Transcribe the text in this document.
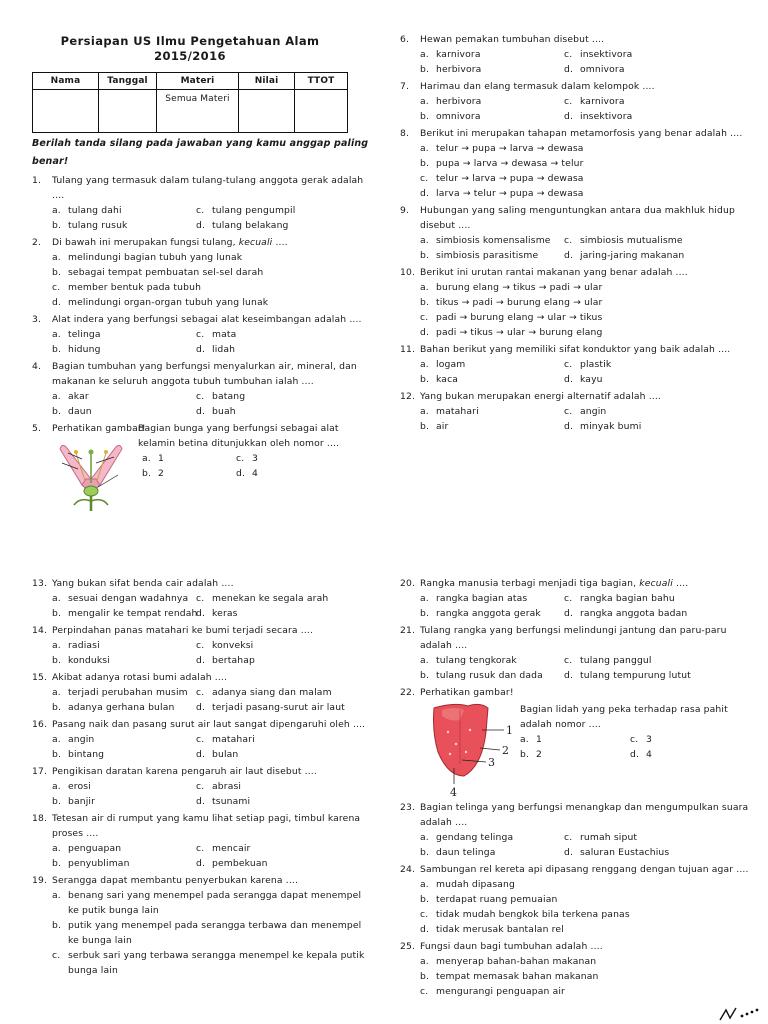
Persiapan US Ilmu Pengetahuan Alam 2015/2016
Nama	Tanggal	Materi	Nilai	TTOT
		Semua Materi		
Berilah tanda silang pada jawaban yang kamu anggap paling benar!
1.	Tulang yang termasuk dalam tulang-tulang anggota gerak adalah ....
a. tulang dahi	c. tulang pengumpil
b. tulang rusuk	d. tulang belakang
2.	Di bawah ini merupakan fungsi tulang, kecuali ....
a. melindungi bagian tubuh yang lunak
b. sebagai tempat pembuatan sel-sel darah
c. member bentuk pada tubuh
d. melindungi organ-organ tubuh yang lunak
3.	Alat indera yang berfungsi sebagai alat keseimbangan adalah ....
a. telinga	c. mata
b. hidung	d. lidah
4.	Bagian tumbuhan yang berfungsi menyalurkan air, mineral, dan makanan ke seluruh anggota tubuh tumbuhan ialah ....
a. akar	c. batang
b. daun	d. buah
5.	Perhatikan gambar!
Bagian bunga yang berfungsi sebagai alat kelamin betina ditunjukkan oleh nomor ....
a. 1	c. 3
b. 2	d. 4
6.	Hewan pemakan tumbuhan disebut ....
a. karnivora	c. insektivora
b. herbivora	d. omnivora
7.	Harimau dan elang termasuk dalam kelompok ....
a. herbivora	c. karnivora
b. omnivora	d. insektivora
8.	Berikut ini merupakan tahapan metamorfosis yang benar adalah ....
a. telur → pupa → larva → dewasa
b. pupa → larva → dewasa → telur
c. telur → larva → pupa → dewasa
d. larva → telur → pupa → dewasa
9.	Hubungan yang saling menguntungkan antara dua makhluk hidup disebut ....
a. simbiosis komensalisme c. simbiosis mutualisme
b. simbiosis parasitisme	d. jaring-jaring makanan
10. Berikut ini urutan rantai makanan yang benar adalah ....
a. burung elang → tikus → padi → ular
b. tikus → padi → burung elang → ular
c. padi → burung elang → ular → tikus
d. padi → tikus → ular → burung elang
11. Bahan berikut yang memiliki sifat konduktor yang baik adalah ....
a. logam	c. plastik
b. kaca	d. kayu
12. Yang bukan merupakan energi alternatif adalah ....
a. matahari	c. angin
b. air	d. minyak bumi
13. Yang bukan sifat benda cair adalah ....
a. sesuai dengan wadahnya c. menekan ke segala arah
b. mengalir ke tempat rendah
d. keras
14. Perpindahan panas matahari ke bumi terjadi secara ....
a. radiasi	c. konveksi
b. konduksi	d. bertahap
15. Akibat adanya rotasi bumi adalah ....
a. terjadi perubahan musim c. adanya siang dan malam
b. adanya gerhana bulan d. terjadi pasang-surut air laut
16. Pasang naik dan pasang surut air laut sangat dipengaruhi oleh ....
a. angin	c. matahari
b. bintang	d. bulan
17. Pengikisan daratan karena pengaruh air laut disebut ....
a. erosi	c. abrasi
b. banjir	d. tsunami
18. Tetesan air di rumput yang kamu lihat setiap pagi, timbul karena proses ....
a. penguapan	c. mencair
b. penyubliman	d. pembekuan
19. Serangga dapat membantu penyerbukan karena ....
a. benang sari yang menempel pada serangga dapat menempel ke putik bunga lain
b. putik yang menempel pada serangga terbawa dan menempel ke bunga lain
c. serbuk sari yang terbawa serangga menempel ke kepala putik bunga lain
20. Rangka manusia terbagi menjadi tiga bagian, kecuali ....
a. rangka bagian atas	c. rangka bagian bahu
b. rangka anggota gerak	d. rangka anggota badan
21. Tulang rangka yang berfungsi melindungi jantung dan paru-paru adalah ....
a. tulang tengkorak	c. tulang panggul
b. tulang rusuk dan dada d. tulang tempurung lutut
22. Perhatikan gambar!
1
2
3
4
Bagian lidah yang peka terhadap rasa pahit adalah nomor ....
a. 1	c. 3
b. 2	d. 4
23. Bagian telinga yang berfungsi menangkap dan mengumpulkan suara adalah ....
a. gendang telinga	c. rumah siput
b. daun telinga	d. saluran Eustachius
24. Sambungan rel kereta api dipasang renggang dengan tujuan agar ....
a. mudah dipasang
b. terdapat ruang pemuaian
c. tidak mudah bengkok bila terkena panas
d. tidak merusak bantalan rel
25. Fungsi daun bagi tumbuhan adalah ....
a. menyerap bahan-bahan makanan
b. tempat memasak bahan makanan
c. mengurangi penguapan air
